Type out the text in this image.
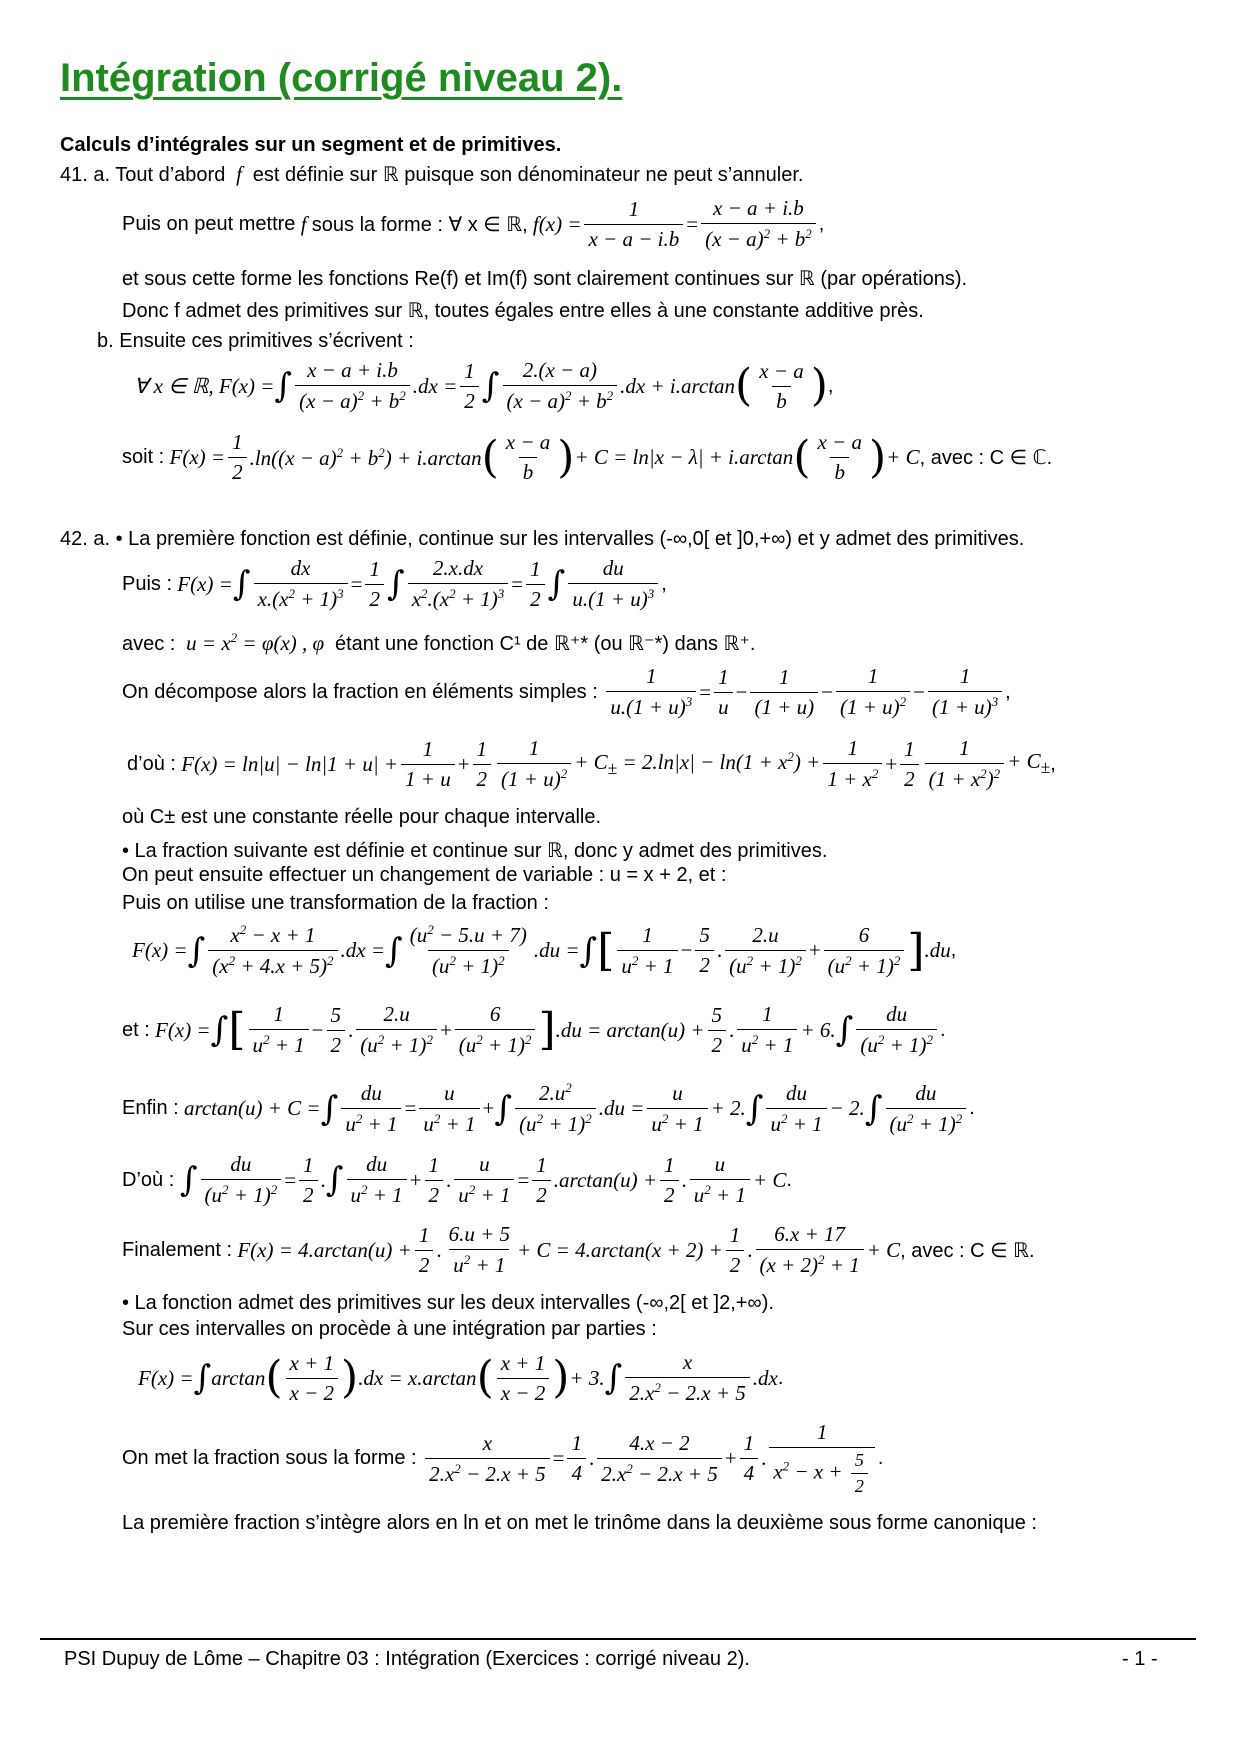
Intégration (corrigé niveau 2).
Calculs d’intégrales sur un segment et de primitives.
41. a. Tout d’abord  f  est définie sur ℝ puisque son dénominateur ne peut s’annuler.
Puis on peut mettre f sous la forme : ∀ x ∈ ℝ, $f(x) = \frac{1}{x - a - i.b} = \frac{x - a + i.b}{(x - a)^2 + b^2}$ ,
et sous cette forme les fonctions Re(f) et Im(f) sont clairement continues sur ℝ (par opérations).
Donc f admet des primitives sur ℝ, toutes égales entre elles à une constante additive près.
b. Ensuite ces primitives s’écrivent :
∀ x ∈ ℝ, F(x) = ∫ $\frac{x - a + i.b}{(x - a)^2 + b^2} .dx = \frac{1}{2}$ ∫ $\frac{2.(x - a)}{(x - a)^2 + b^2} .dx + i.\arctan$ ( $\frac{x - a}{b}$ ) ,
soit : $F(x) = \frac{1}{2} .\ln((x - a)^2 + b^2) + i.\arctan$ ( $\frac{x - a}{b}$ ) + C = ln|x − λ| + i.arctan ( $\frac{x - a}{b}$ ) + C , avec : C ∈ ℂ.
42. a. • La première fonction est définie, continue sur les intervalles (-∞,0[ et ]0,+∞) et y admet des primitives.
Puis : F(x) = ∫ $\frac{dx}{x.(x^2 + 1)^3} = \frac{1}{2}$ ∫ $\frac{2.x.dx}{x^2.(x^2 + 1)^3} = \frac{1}{2}$ ∫ $\frac{du}{u.(1 + u)^3}$ ,
avec :  $u = x^2 = \varphi(x)$ , φ  étant une fonction C¹ de ℝ⁺* (ou ℝ⁻*) dans ℝ⁺.
On décompose alors la fraction en éléments simples :
$\frac{1}{u.(1 + u)^3} = \frac{1}{u} - \frac{1}{(1 + u)} - \frac{1}{(1 + u)^2} - \frac{1}{(1 + u)^3}$ ,
d’où : $F(x) = \ln|u| - \ln|1 + u| + \frac{1}{1 + u} + \frac{1}{2} \frac{1}{(1 + u)^2} + C_\pm = 2.\ln|x| - \ln(1 + x^2) + \frac{1}{1 + x^2} + \frac{1}{2} \frac{1}{(1 + x^2)^2} + C_\pm$ ,
où C± est une constante réelle pour chaque intervalle.
• La fraction suivante est définie et continue sur ℝ, donc y admet des primitives.
On peut ensuite effectuer un changement de variable : u = x + 2, et :
Puis on utilise une transformation de la fraction :
F(x) = ∫ $\frac{x^2 - x + 1}{(x^2 + 4.x + 5)^2} .dx$ = ∫ $\frac{(u^2 - 5.u + 7)}{(u^2 + 1)^2} .du$ = ∫ [ $\frac{1}{u^2 + 1} - \frac{5}{2}$ . $\frac{2.u}{(u^2 + 1)^2} + \frac{6}{(u^2 + 1)^2}$ ] .du ,
et : F(x) = ∫ [ $\frac{1}{u^2 + 1} - \frac{5}{2}$ . $\frac{2.u}{(u^2 + 1)^2} + \frac{6}{(u^2 + 1)^2}$ ] $.du = \arctan(u) + \frac{5}{2}$ . $\frac{1}{u^2 + 1} + 6$. ∫ $\frac{du}{(u^2 + 1)^2}$ .
Enfin : arctan(u) + C = ∫ $\frac{du}{u^2 + 1} = \frac{u}{u^2 + 1}$ + ∫ $\frac{2.u^2}{(u^2 + 1)^2} .du = \frac{u}{u^2 + 1} + 2$. ∫ $\frac{du}{u^2 + 1} - 2$. ∫ $\frac{du}{(u^2 + 1)^2}$ .
D’où :
∫ $\frac{du}{(u^2 + 1)^2} = \frac{1}{2}$ . ∫ $\frac{du}{u^2 + 1} + \frac{1}{2}$ . $\frac{u}{u^2 + 1} = \frac{1}{2} .\arctan(u) + \frac{1}{2}$ . $\frac{u}{u^2 + 1} + C$ .
Finalement : $F(x) = 4.\arctan(u) + \frac{1}{2}$ . $\frac{6.u + 5}{u^2 + 1} + C = 4.\arctan(x + 2) + \frac{1}{2}$ . $\frac{6.x + 17}{(x + 2)^2 + 1} + C$ , avec : C ∈ ℝ.
• La fonction admet des primitives sur les deux intervalles (-∞,2[ et ]2,+∞).
Sur ces intervalles on procède à une intégration par parties :
F(x) = ∫ arctan ( $\frac{x + 1}{x - 2}$ ) .dx = x.arctan ( $\frac{x + 1}{x - 2}$ ) + 3. ∫ $\frac{x}{2.x^2 - 2.x + 5} .dx$ .
On met la fraction sous la forme :
$\frac{x}{2.x^2 - 2.x + 5} = \frac{1}{4}$ . $\frac{4.x - 2}{2.x^2 - 2.x + 5} + \frac{1}{4}$ . $\frac{1}{x^2 - x + \frac{5}{2}}$ .
La première fraction s’intègre alors en ln et on met le trinôme dans la deuxième sous forme canonique :
PSI Dupuy de Lôme – Chapitre 03 : Intégration (Exercices : corrigé niveau 2).	- 1 -
